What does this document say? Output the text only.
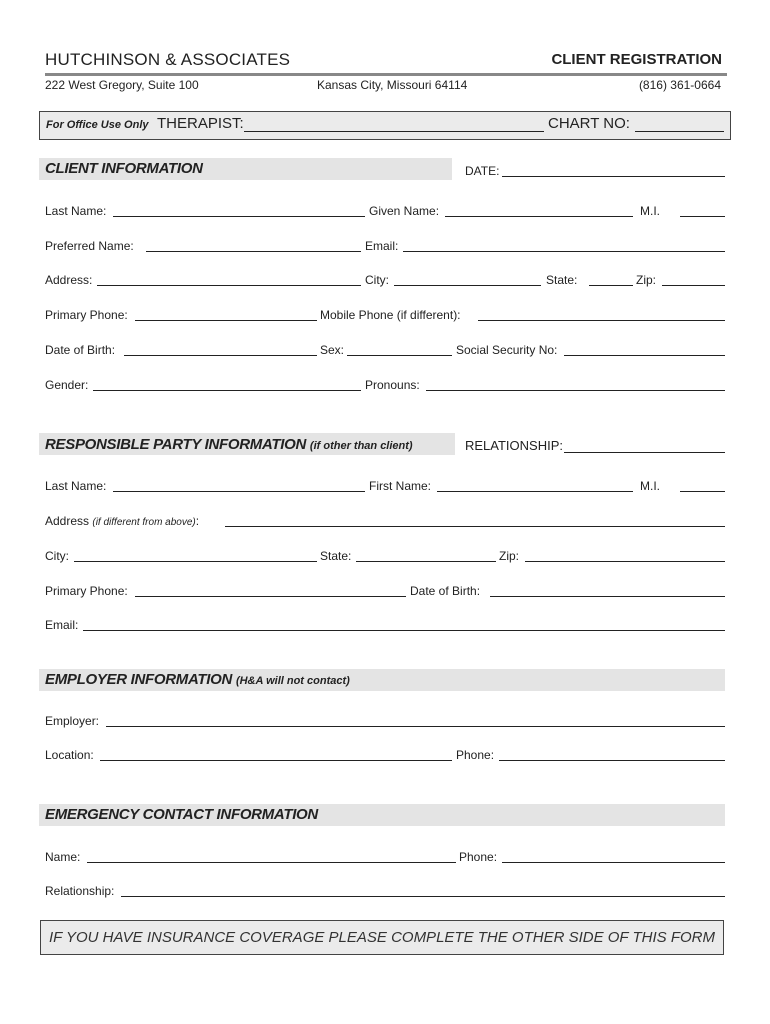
HUTCHINSON & ASSOCIATES	CLIENT REGISTRATION
222 West Gregory, Suite 100	Kansas City, Missouri 64114	(816) 361-0664
For Office Use Only THERAPIST:	CHART NO:
CLIENT INFORMATION	DATE:
Last Name:	Given Name:	M.I.
Preferred Name:	Email:
Address:	City:	State:	Zip:
Primary Phone:	Mobile Phone (if different):
Date of Birth:	Sex:	Social Security No:
Gender:	Pronouns:
RESPONSIBLE PARTY INFORMATION (if other than client)	RELATIONSHIP:
Last Name:	First Name:	M.I.
Address (if different from above):
City:	State:	Zip:
Primary Phone:	Date of Birth:
Email:
EMPLOYER INFORMATION (H&A will not contact)
Employer:
Location:	Phone:
EMERGENCY CONTACT INFORMATION
Name:	Phone:
Relationship:
IF YOU HAVE INSURANCE COVERAGE PLEASE COMPLETE THE OTHER SIDE OF THIS FORM
